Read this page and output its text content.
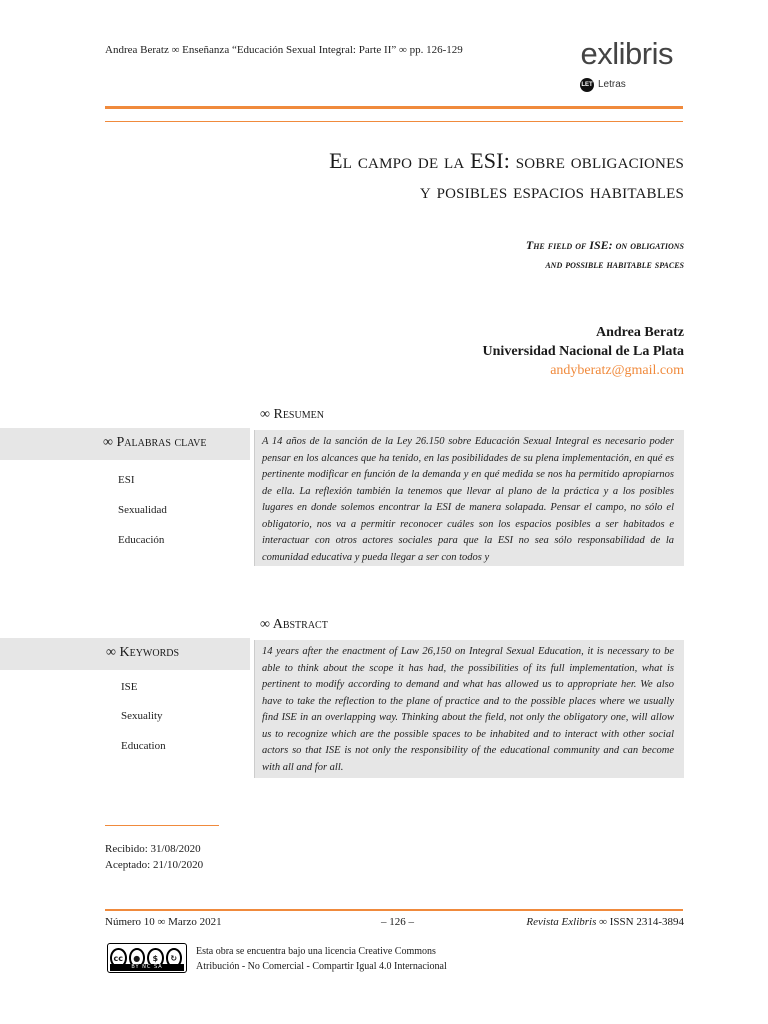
Andrea Beratz ∞ Enseñanza “Educación Sexual Integral: Parte II” ∞ pp. 126-129	exlibris
LET Letras
El campo de la ESI: sobre obligaciones
y posibles espacios habitables
The field of ISE: on obligations
and possible habitable spaces
Andrea Beratz
Universidad Nacional de La Plata
andyberatz@gmail.com
∞ Resumen
∞ Palabras clave
ESI
Sexualidad
Educación
A 14 años de la sanción de la Ley 26.150 sobre Educación Sexual Integral es necesario poder pensar en los alcances que ha tenido, en las posibilidades de su plena implementación, en qué es pertinente modificar en función de la demanda y en qué medida se nos ha permitido apropiarnos de ella. La reflexión también la tenemos que llevar al plano de la práctica y a los posibles lugares en donde solemos encontrar la ESI de manera solapada. Pensar el campo, no sólo el obligatorio, nos va a permitir reconocer cuáles son los espacios posibles a ser habitados e interactuar con otros actores sociales para que la ESI no sea sólo responsabilidad de la comunidad educativa y pueda llegar a ser con todos y
∞ Abstract
∞ Keywords
ISE
Sexuality
Education
14 years after the enactment of Law 26,150 on Integral Sexual Education, it is necessary to be able to think about the scope it has had, the possibilities of its full implementation, what is pertinent to modify according to demand and what has allowed us to appropriate her. We also have to take the reflection to the plane of practice and to the possible places where we usually find ISE in an overlapping way. Thinking about the field, not only the obligatory one, will allow us to recognize which are the possible spaces to be inhabited and to interact with other social actors so that ISE is not only the responsibility of the educational community and can become with all and for all.
Recibido: 31/08/2020
Aceptado: 21/10/2020
Número 10 ∞ Marzo 2021	– 126 –	Revista Exlibris ∞ ISSN 2314-3894
cc	●	$	↻
BY NC SA
Esta obra se encuentra bajo una licencia Creative Commons
Atribución - No Comercial - Compartir Igual 4.0 Internacional
